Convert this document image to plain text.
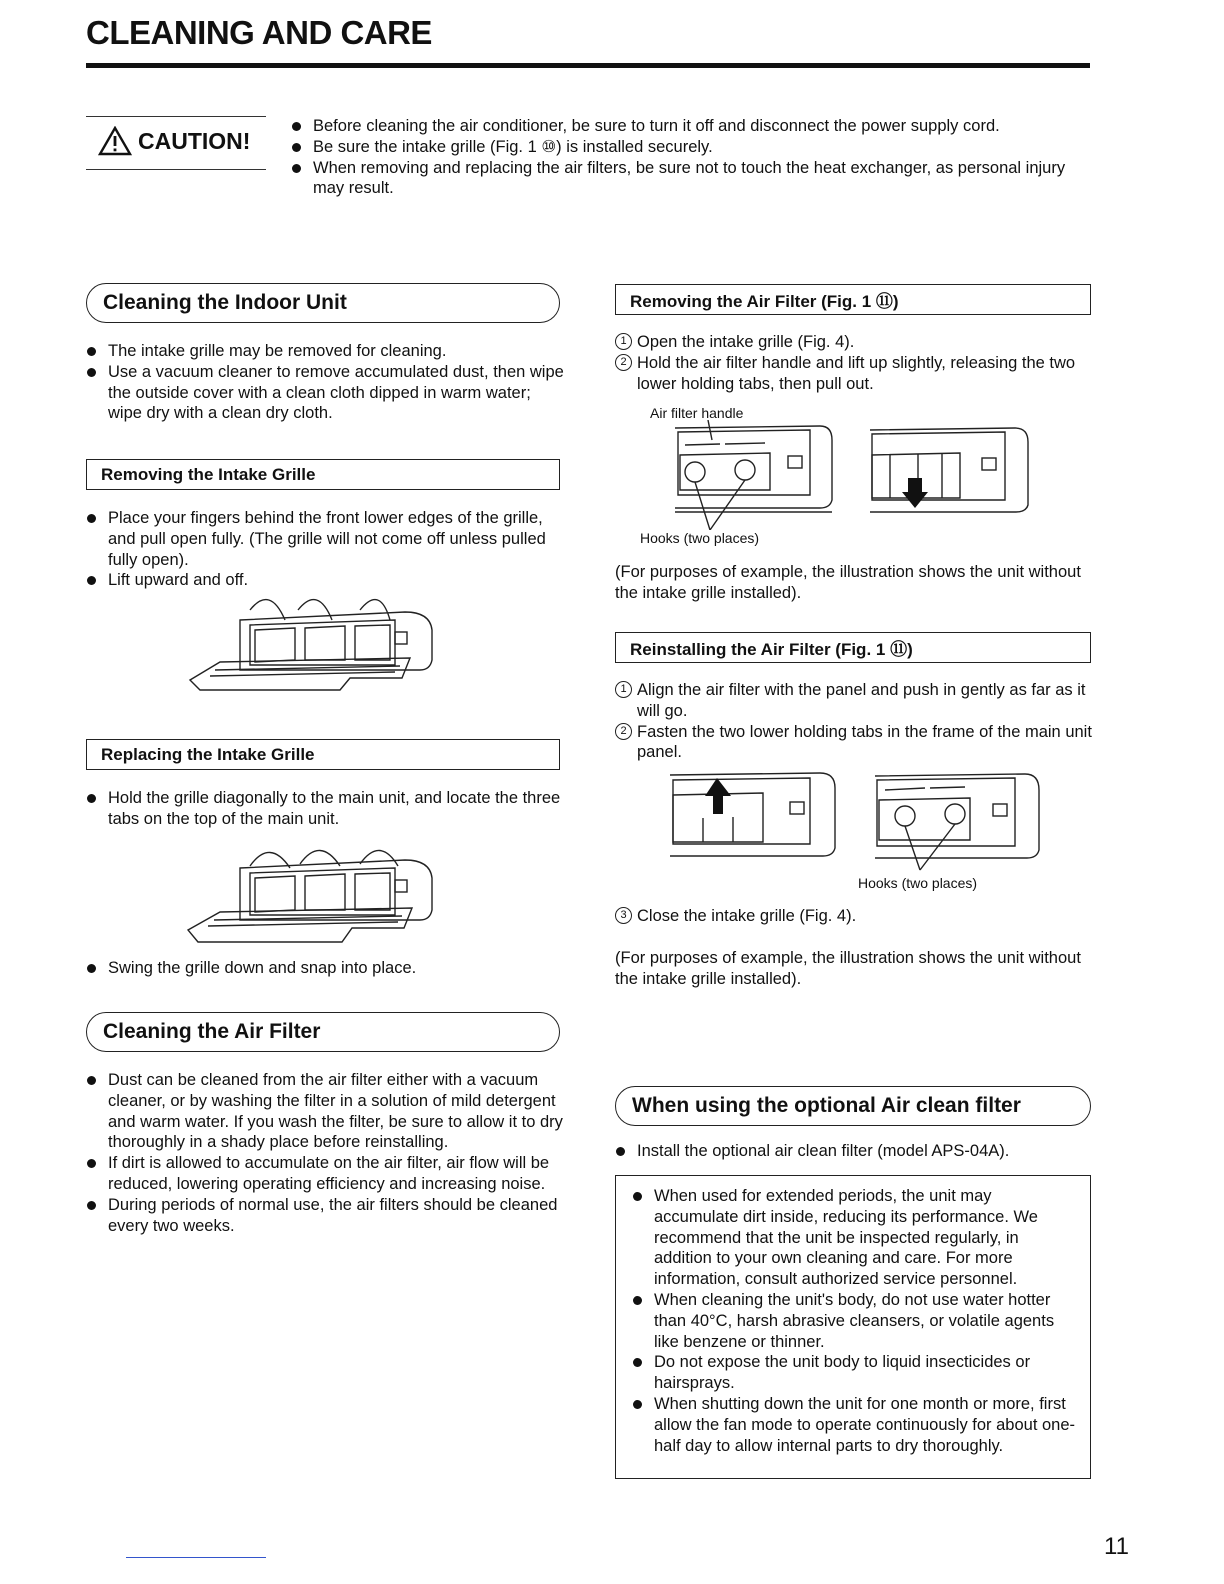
CLEANING AND CARE
CAUTION!
Before cleaning the air conditioner, be sure to turn it off and disconnect the power supply cord.
Be sure the intake grille (Fig. 1 ⑩) is installed securely.
When removing and replacing the air filters, be sure not to touch the heat exchanger, as personal injury may result.
Cleaning the Indoor Unit
The intake grille may be removed for cleaning.
Use a vacuum cleaner to remove accumulated dust, then wipe the outside cover with a clean cloth dipped in warm water; wipe dry with a clean dry cloth.
Removing the Intake Grille
Place your fingers behind the front lower edges of the grille, and pull open fully. (The grille will not come off unless pulled fully open).
Lift upward and off.
Replacing the Intake Grille
Hold the grille diagonally to the main unit, and locate the three tabs on the top of the main unit.
Swing the grille down and snap into place.
Cleaning the Air Filter
Dust can be cleaned from the air filter either with a vacuum cleaner, or by washing the filter in a solution of mild detergent and warm water. If you wash the filter, be sure to allow it to dry thoroughly in a shady place before reinstalling.
If dirt is allowed to accumulate on the air filter, air flow will be reduced, lowering operating efficiency and increasing noise.
During periods of normal use, the air filters should be cleaned every two weeks.
Removing the Air Filter (Fig. 1 ⑪)
1 Open the intake grille (Fig. 4).
2 Hold the air filter handle and lift up slightly, releasing the two lower holding tabs, then pull out.
Air filter handle
Hooks (two places)
(For purposes of example, the illustration shows the unit without the intake grille installed).
Reinstalling the Air Filter (Fig. 1 ⑪)
1 Align the air filter with the panel and push in gently as far as it will go.
2 Fasten the two lower holding tabs in the frame of the main unit panel.
Hooks (two places)
3 Close the intake grille (Fig. 4).
(For purposes of example, the illustration shows the unit without the intake grille installed).
When using the optional Air clean filter
Install the optional air clean filter (model APS-04A).
When used for extended periods, the unit may accumulate dirt inside, reducing its performance. We recommend that the unit be inspected regularly, in addition to your own cleaning and care. For more information, consult authorized service personnel.
When cleaning the unit's body, do not use water hotter than 40°C, harsh abrasive cleansers, or volatile agents like benzene or thinner.
Do not expose the unit body to liquid insecticides or hairsprays.
When shutting down the unit for one month or more, first allow the fan mode to operate continuously for about one-half day to allow internal parts to dry thoroughly.
11
